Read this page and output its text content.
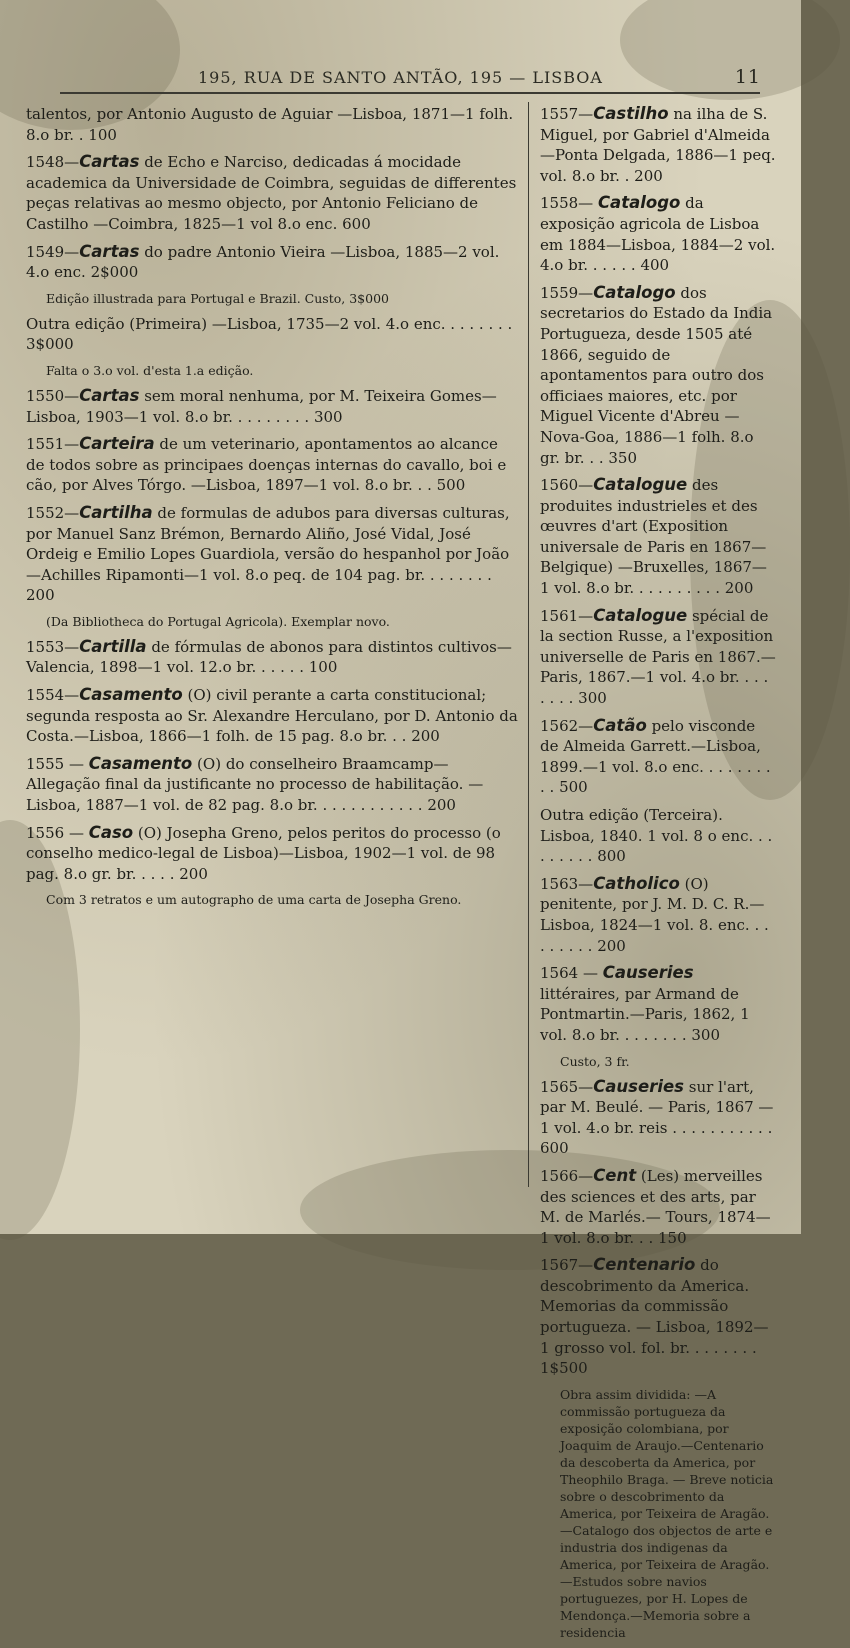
195, RUA DE SANTO ANTÃO, 195 — LISBOA	11
talentos, por Antonio Augusto de Aguiar —Lisboa, 1871—1 folh. 8.o br. . 100
1548—Cartas de Echo e Narciso, dedicadas á mocidade academica da Universidade de Coimbra, seguidas de differentes peças relativas ao mesmo objecto, por Antonio Feliciano de Castilho —Coimbra, 1825—1 vol 8.o enc. 600
1549—Cartas do padre Antonio Vieira —Lisboa, 1885—2 vol. 4.o enc. 2$000
Edição illustrada para Portugal e Brazil. Custo, 3$000
Outra edição (Primeira) —Lisboa, 1735—2 vol. 4.o enc. . . . . . . . 3$000
Falta o 3.o vol. d'esta 1.a edição.
1550—Cartas sem moral nenhuma, por M. Teixeira Gomes—Lisboa, 1903—1 vol. 8.o br. . . . . . . . . 300
1551—Carteira de um veterinario, apontamentos ao alcance de todos sobre as principaes doenças internas do cavallo, boi e cão, por Alves Tórgo. —Lisboa, 1897—1 vol. 8.o br. . . 500
1552—Cartilha de formulas de adubos para diversas culturas, por Manuel Sanz Brémon, Bernardo Aliño, José Vidal, José Ordeig e Emilio Lopes Guardiola, versão do hespanhol por João —Achilles Ripamonti—1 vol. 8.o peq. de 104 pag. br. . . . . . . . 200
(Da Bibliotheca do Portugal Agricola). Exemplar novo.
1553—Cartilla de fórmulas de abonos para distintos cultivos—Valencia, 1898—1 vol. 12.o br. . . . . . 100
1554—Casamento (O) civil perante a carta constitucional; segunda resposta ao Sr. Alexandre Herculano, por D. Antonio da Costa.—Lisboa, 1866—1 folh. de 15 pag. 8.o br. . . 200
1555 — Casamento (O) do conselheiro Braamcamp—Allegação final da justificante no processo de habilitação. —Lisboa, 1887—1 vol. de 82 pag. 8.o br. . . . . . . . . . . . 200
1556 — Caso (O) Josepha Greno, pelos peritos do processo (o conselho medico-legal de Lisboa)—Lisboa, 1902—1 vol. de 98 pag. 8.o gr. br. . . . . 200
Com 3 retratos e um autographo de uma carta de Josepha Greno.
1557—Castilho na ilha de S. Miguel, por Gabriel d'Almeida —Ponta Delgada, 1886—1 peq. vol. 8.o br. . 200
1558— Catalogo da exposição agricola de Lisboa em 1884—Lisboa, 1884—2 vol. 4.o br. . . . . . 400
1559—Catalogo dos secretarios do Estado da India Portugueza, desde 1505 até 1866, seguido de apontamentos para outro dos officiaes maiores, etc. por Miguel Vicente d'Abreu — Nova-Goa, 1886—1 folh. 8.o gr. br. . . 350
1560—Catalogue des produites industrieles et des œuvres d'art (Exposition universale de Paris en 1867—Belgique) —Bruxelles, 1867—1 vol. 8.o br. . . . . . . . . . 200
1561—Catalogue spécial de la section Russe, a l'exposition universelle de Paris en 1867.—Paris, 1867.—1 vol. 4.o br. . . . . . . . 300
1562—Catão pelo visconde de Almeida Garrett.—Lisboa, 1899.—1 vol. 8.o enc. . . . . . . . . . 500
Outra edição (Terceira). Lisboa, 1840. 1 vol. 8 o enc. . . . . . . . . 800
1563—Catholico (O) penitente, por J. M. D. C. R.—Lisboa, 1824—1 vol. 8. enc. . . . . . . . . 200
1564 — Causeries littéraires, par Armand de Pontmartin.—Paris, 1862, 1 vol. 8.o br. . . . . . . . 300
Custo, 3 fr.
1565—Causeries sur l'art, par M. Beulé. — Paris, 1867 — 1 vol. 4.o br. reis . . . . . . . . . . . 600
1566—Cent (Les) merveilles des sciences et des arts, par M. de Marlés.— Tours, 1874—1 vol. 8.o br. . . 150
1567—Centenario do descobrimento da America. Memorias da commissão portugueza. — Lisboa, 1892—1 grosso vol. fol. br. . . . . . . . 1$500
Obra assim dividida: —A commissão portugueza da exposição colombiana, por Joaquim de Araujo.—Centenario da descoberta da America, por Theophilo Braga. — Breve noticia sobre o descobrimento da America, por Teixeira de Aragão.—Catalogo dos objectos de arte e industria dos indigenas da America, por Teixeira de Aragão.—Estudos sobre navios portuguezes, por H. Lopes de Mendonça.—Memoria sobre a residencia
